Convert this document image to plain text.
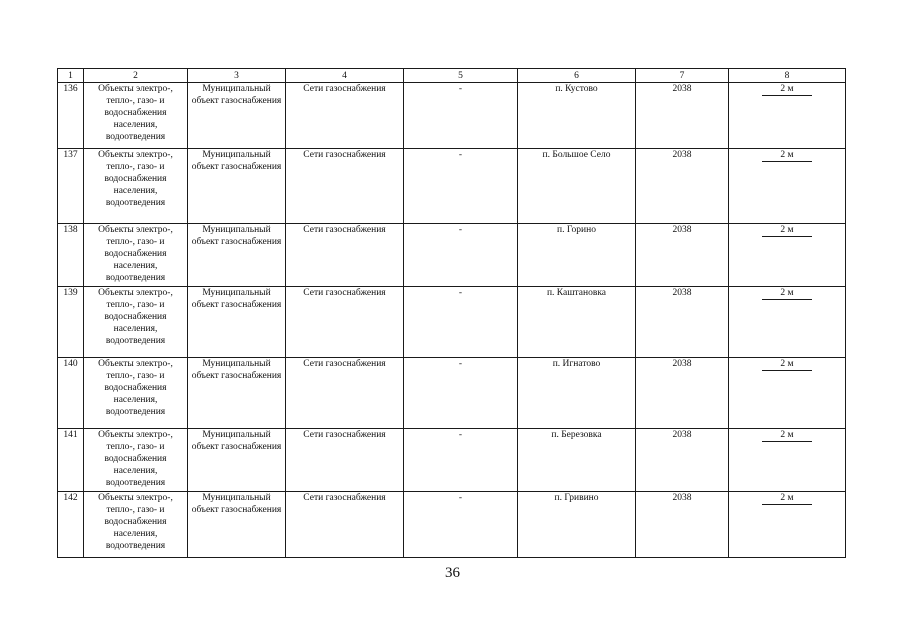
1	2	3	4	5	6	7	8
136	Объекты электро-, тепло-, газо- и водоснабжения населения, водоотведения	Муниципальный объект газоснабжения	Сети газоснабжения	-	п. Кустово	2038	2 м
137	Объекты электро-, тепло-, газо- и водоснабжения населения, водоотведения	Муниципальный объект газоснабжения	Сети газоснабжения	-	п. Большое Село	2038	2 м
138	Объекты электро-, тепло-, газо- и водоснабжения населения, водоотведения	Муниципальный объект газоснабжения	Сети газоснабжения	-	п. Горино	2038	2 м
139	Объекты электро-, тепло-, газо- и водоснабжения населения, водоотведения	Муниципальный объект газоснабжения	Сети газоснабжения	-	п. Каштановка	2038	2 м
140	Объекты электро-, тепло-, газо- и водоснабжения населения, водоотведения	Муниципальный объект газоснабжения	Сети газоснабжения	-	п. Игнатово	2038	2 м
141	Объекты электро-, тепло-, газо- и водоснабжения населения, водоотведения	Муниципальный объект газоснабжения	Сети газоснабжения	-	п. Березовка	2038	2 м
142	Объекты электро-, тепло-, газо- и водоснабжения населения, водоотведения	Муниципальный объект газоснабжения	Сети газоснабжения	-	п. Гривино	2038	2 м
36
